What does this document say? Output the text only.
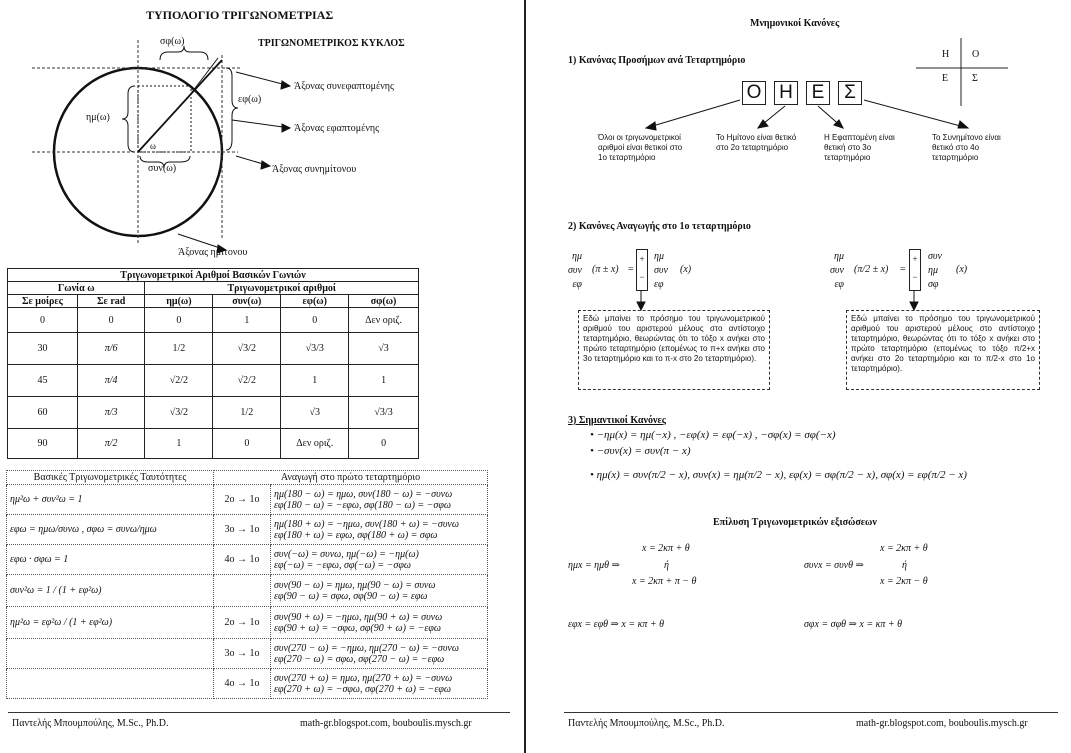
ΤΥΠΟΛΟΓΙΟ ΤΡΙΓΩΝΟΜΕΤΡΙΑΣ
ΤΡΙΓΩΝΟΜΕΤΡΙΚΟΣ ΚΥΚΛΟΣ
σφ(ω)
εφ(ω)
ημ(ω)
συν(ω)
ω
Άξονας συνεφαπτομένης
Άξονας εφαπτομένης
Άξονας συνημίτονου
Άξονας ημίτονου
Τριγωνομετρικοί Αριθμοί Βασικών Γωνιών					
Γωνία ω		Τριγωνομετρικοί αριθμοί			
Σε μοίρες	Σε rad	ημ(ω)	συν(ω)	εφ(ω)	σφ(ω)
0	0	0	1	0	Δεν οριζ.
30	π/6	1/2	√3/2	√3/3	√3
45	π/4	√2/2	√2/2	1	1
60	π/3	√3/2	1/2	√3	√3/3
90	π/2	1	0	Δεν οριζ.	0
Βασικές Τριγωνομετρικές Ταυτότητες	Αναγωγή στο πρώτο τεταρτημόριο	
ημ²ω + συν²ω = 1	2ο → 1ο	ημ(180 − ω) = ημω, συν(180 − ω) = −συνω
εφ(180 − ω) = −εφω, σφ(180 − ω) = −σφω
εφω = ημω/συνω , σφω = συνω/ημω	3ο → 1ο	ημ(180 + ω) = −ημω, συν(180 + ω) = −συνω
εφ(180 + ω) = εφω, σφ(180 + ω) = σφω
εφω · σφω = 1	4ο → 1ο	συν(−ω) = συνω, ημ(−ω) = −ημ(ω)
εφ(−ω) = −εφω, σφ(−ω) = −σφω
συν²ω = 1 / (1 + εφ²ω)		συν(90 − ω) = ημω, ημ(90 − ω) = συνω
εφ(90 − ω) = σφω, σφ(90 − ω) = εφω
ημ²ω = εφ²ω / (1 + εφ²ω)	2ο → 1ο	συν(90 + ω) = −ημω, ημ(90 + ω) = συνω
εφ(90 + ω) = −σφω, σφ(90 + ω) = −εφω
	3ο → 1ο	συν(270 − ω) = −ημω, ημ(270 − ω) = −συνω
εφ(270 − ω) = σφω, σφ(270 − ω) = −εφω
	4ο → 1ο	συν(270 + ω) = ημω, ημ(270 + ω) = −συνω
εφ(270 + ω) = −σφω, σφ(270 + ω) = −εφω
Παντελής Μπουμπούλης, M.Sc., Ph.D.	math-gr.blogspot.com, bouboulis.mysch.gr
Μνημονικοί Κανόνες
1) Κανόνας Προσήμων ανά Τεταρτημόριο
Η Ο
Ε Σ
Ο Η Ε	Σ
Όλοι οι τριγωνομετρικοί
αριθμοί είναι θετικοί στο
1ο τεταρτημόριο
Το Ημίτονο είναι θετικό
στο 2ο τεταρτημόριο
Η Εφαπτομένη είναι
θετική στο 3ο
τεταρτημόριο
Το Συνημίτονο είναι
θετικό στο 4ο
τεταρτημόριο
2) Κανόνες Αναγωγής στο 1ο τεταρτημόριο
ημ
συν
εφ
(π ± x) =
+
−
ημ
συν
εφ
(x)
ημ
συν
εφ
(π/2 ± x) =
+
−
συν
ημ
σφ
(x)
Εδώ μπαίνει το πρόσημο του τριγωνομετρικού αριθμού του αριστερού μέλους στο αντίστοιχο τεταρτημόριο, θεωρώντας ότι το τόξο x ανήκει στο πρώτο τεταρτημόριο (επομένως το π+x ανήκει στο 3ο τεταρτημόριο και το π-x στο 2ο τεταρτημόριο).
Εδώ μπαίνει το πρόσημο του τριγωνομετρικού αριθμού του αριστερού μέλους στο αντίστοιχο τεταρτημόριο, θεωρώντας ότι το τόξο x ανήκει στο πρώτο τεταρτημόριο (επομένως το τόξο π/2+x ανήκει στο 2ο τεταρτημόριο και το π/2-x στο 1ο τεταρτημόριο).
3) Σημαντικοί Κανόνες
• −ημ(x) = ημ(−x) , −εφ(x) = εφ(−x) , −σφ(x) = σφ(−x)
• −συν(x) = συν(π − x)
• ημ(x) = συν(π/2 − x), συν(x) = ημ(π/2 − x), εφ(x) = σφ(π/2 − x), σφ(x) = εφ(π/2 − x)
Επίλυση Τριγωνομετρικών εξισώσεων
ημx = ημθ ⇒
x = 2κπ + θ
ή
x = 2κπ + π − θ
συνx = συνθ ⇒
x = 2κπ + θ
ή
x = 2κπ − θ
εφx = εφθ ⇒ x = κπ + θ	σφx = σφθ ⇒ x = κπ + θ
Παντελής Μπουμπούλης, M.Sc., Ph.D.	math-gr.blogspot.com, bouboulis.mysch.gr
